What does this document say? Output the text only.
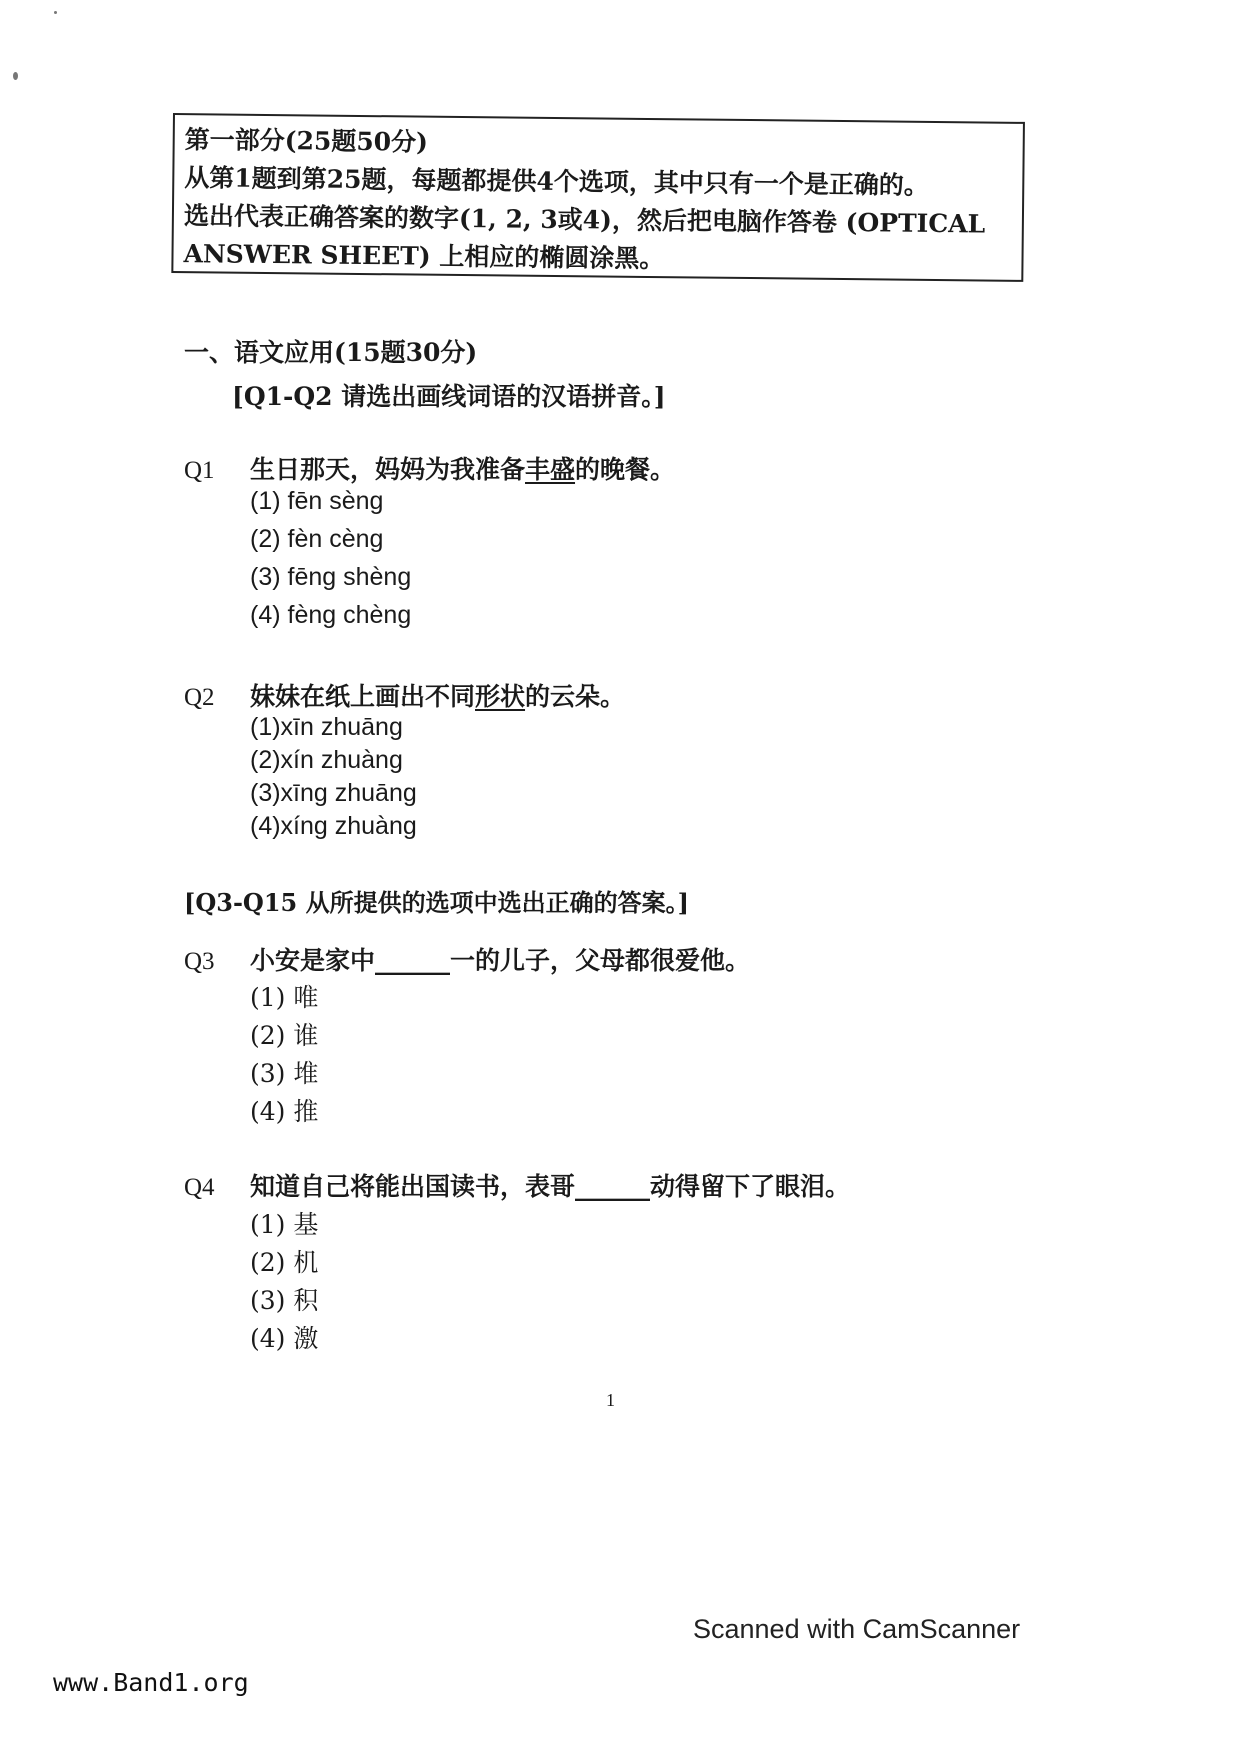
第一部分(25题50分)
从第1题到第25题，每题都提供4个选项，其中只有一个是正确的。
选出代表正确答案的数字(1, 2, 3或4)，然后把电脑作答卷 (OPTICAL
ANSWER SHEET) 上相应的椭圆涂黑。
一、语文应用(15题30分)
[Q1-Q2 请选出画线词语的汉语拼音。]
Q1 生日那天，妈妈为我准备丰盛的晚餐。
(1) fēn sèng
(2) fèn cèng
(3) fēng shèng
(4) fèng chèng
Q2 妹妹在纸上画出不同形状的云朵。
(1)xīn zhuāng
(2)xín zhuàng
(3)xīng zhuāng
(4)xíng zhuàng
[Q3-Q15 从所提供的选项中选出正确的答案。]
Q3 小安是家中______一的儿子，父母都很爱他。
(1) 唯
(2) 谁
(3) 堆
(4) 推
Q4 知道自己将能出国读书，表哥______动得留下了眼泪。
(1) 基
(2) 机
(3) 积
(4) 激
1
Scanned with CamScanner
www.Band1.org
